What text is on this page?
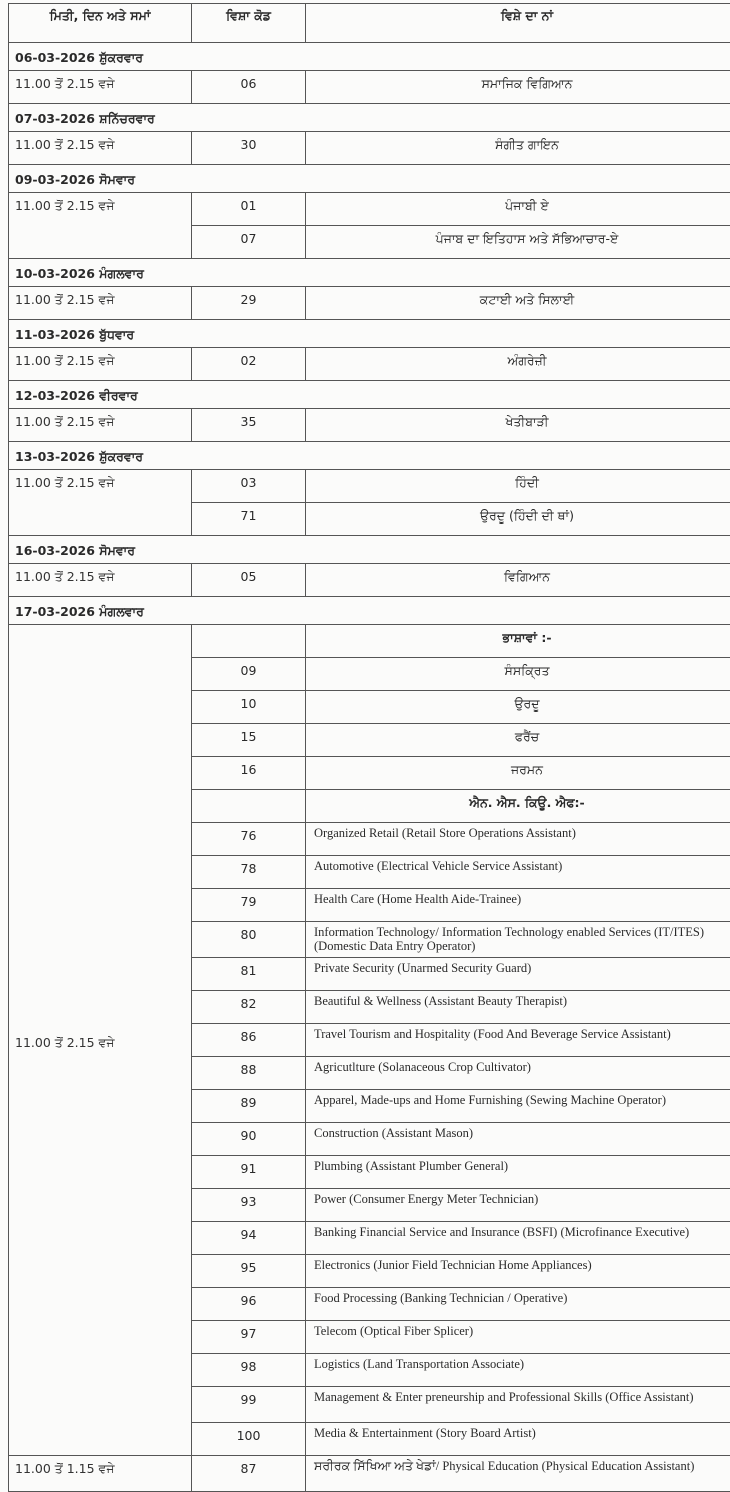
ਮਿਤੀ, ਦਿਨ ਅਤੇ ਸਮਾਂ	ਵਿਸ਼ਾ ਕੋਡ	ਵਿਸ਼ੇ ਦਾ ਨਾਂ
06-03-2026 ਸ਼ੁੱਕਰਵਾਰ		
11.00 ਤੋਂ 2.15 ਵਜੇ	06	ਸਮਾਜਿਕ ਵਿਗਿਆਨ
07-03-2026 ਸ਼ਨਿੱਚਰਵਾਰ		
11.00 ਤੋਂ 2.15 ਵਜੇ	30	ਸੰਗੀਤ ਗਾਇਨ
09-03-2026 ਸੋਮਵਾਰ		
11.00 ਤੋਂ 2.15 ਵਜੇ	01	ਪੰਜਾਬੀ ਏ
	07	ਪੰਜਾਬ ਦਾ ਇਤਿਹਾਸ ਅਤੇ ਸੱਭਿਆਚਾਰ-ਏ
10-03-2026 ਮੰਗਲਵਾਰ		
11.00 ਤੋਂ 2.15 ਵਜੇ	29	ਕਟਾਈ ਅਤੇ ਸਿਲਾਈ
11-03-2026 ਬੁੱਧਵਾਰ		
11.00 ਤੋਂ 2.15 ਵਜੇ	02	ਅੰਗਰੇਜ਼ੀ
12-03-2026 ਵੀਰਵਾਰ		
11.00 ਤੋਂ 2.15 ਵਜੇ	35	ਖੇਤੀਬਾੜੀ
13-03-2026 ਸ਼ੁੱਕਰਵਾਰ		
11.00 ਤੋਂ 2.15 ਵਜੇ	03	ਹਿੰਦੀ
	71	ਉਰਦੂ (ਹਿੰਦੀ ਦੀ ਥਾਂ)
16-03-2026 ਸੋਮਵਾਰ		
11.00 ਤੋਂ 2.15 ਵਜੇ	05	ਵਿਗਿਆਨ
17-03-2026 ਮੰਗਲਵਾਰ		
11.00 ਤੋਂ 2.15 ਵਜੇ		ਭਾਸ਼ਾਵਾਂ :-
	09	ਸੰਸਕ੍ਰਿਤ
	10	ਉਰਦੂ
	15	ਫਰੈਂਚ
	16	ਜਰਮਨ
		ਐਨ. ਐਸ. ਕਿਊ. ਐਫ:-
	76	Organized Retail (Retail Store Operations Assistant)
	78	Automotive (Electrical Vehicle Service Assistant)
	79	Health Care (Home Health Aide-Trainee)
	80	Information Technology/ Information Technology enabled Services (IT/ITES) (Domestic Data Entry Operator)
	81	Private Security (Unarmed Security Guard)
	82	Beautiful & Wellness (Assistant Beauty Therapist)
	86	Travel Tourism and Hospitality (Food And Beverage Service Assistant)
	88	Agricutlture (Solanaceous Crop Cultivator)
	89	Apparel, Made-ups and Home Furnishing (Sewing Machine Operator)
	90	Construction (Assistant Mason)
	91	Plumbing (Assistant Plumber General)
	93	Power (Consumer Energy Meter Technician)
	94	Banking Financial Service and Insurance (BSFI) (Microfinance Executive)
	95	Electronics (Junior Field Technician Home Appliances)
	96	Food Processing (Banking Technician / Operative)
	97	Telecom (Optical Fiber Splicer)
	98	Logistics (Land Transportation Associate)
	99	Management & Enter preneurship and Professional Skills (Office Assistant)
	100	Media & Entertainment (Story Board Artist)
11.00 ਤੋਂ 1.15 ਵਜੇ	87	ਸਰੀਰਕ ਸਿੱਖਿਆ ਅਤੇ ਖੇਡਾਂ/ Physical Education (Physical Education Assistant)
